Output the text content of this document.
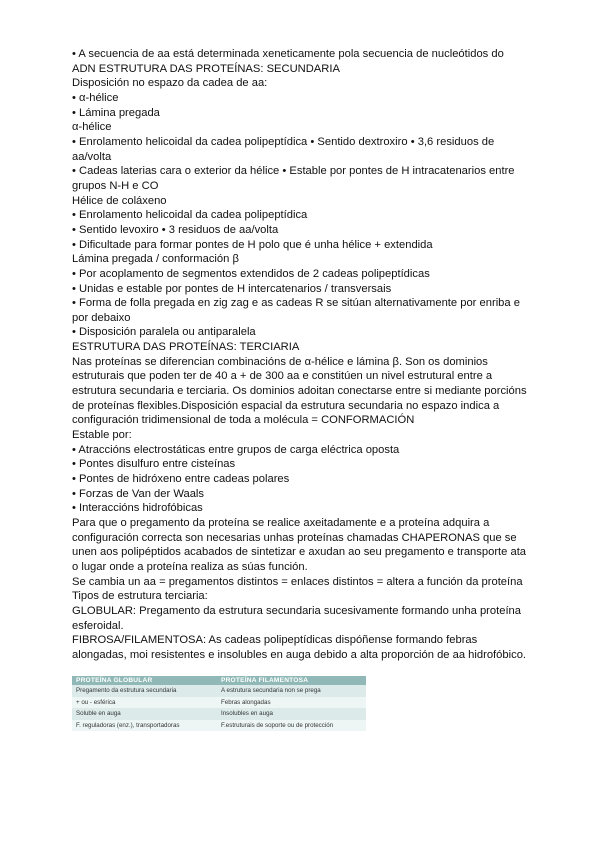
• A secuencia de aa está determinada xeneticamente pola secuencia de nucleótidos do
ADN ESTRUTURA DAS PROTEÍNAS: SECUNDARIA
Disposición no espazo da cadea de aa:
• α-hélice
• Lámina pregada
α-hélice
• Enrolamento helicoidal da cadea polipeptídica • Sentido dextroxiro • 3,6 residuos de
aa/volta
• Cadeas laterias cara o exterior da hélice • Estable por pontes de H intracatenarios entre
grupos N-H e CO
Hélice de coláxeno
• Enrolamento helicoidal da cadea polipeptídica
• Sentido levoxiro • 3 residuos de aa/volta
• Dificultade para formar pontes de H polo que é unha hélice + extendida
Lámina pregada / conformación β
• Por acoplamento de segmentos extendidos de 2 cadeas polipeptídicas
• Unidas e estable por pontes de H intercatenarios / transversais
• Forma de folla pregada en zig zag e as cadeas R se sitúan alternativamente por enriba e
por debaixo
• Disposición paralela ou antiparalela
ESTRUTURA DAS PROTEÍNAS: TERCIARIA
Nas proteínas se diferencian combinacións de α-hélice e lámina β. Son os dominios
estruturais que poden ter de 40 a + de 300 aa e constitúen un nivel estrutural entre a
estrutura secundaria e terciaria. Os dominios adoitan conectarse entre si mediante porcións
de proteínas flexibles.Disposición espacial da estrutura secundaria no espazo indica a
configuración tridimensional de toda a molécula = CONFORMACIÓN
Estable por:
• Atraccións electrostáticas entre grupos de carga eléctrica oposta
• Pontes disulfuro entre cisteínas
• Pontes de hidróxeno entre cadeas polares
• Forzas de Van der Waals
• Interaccións hidrofóbicas
Para que o pregamento da proteína se realice axeitadamente e a proteína adquira a
configuración correcta son necesarias unhas proteínas chamadas CHAPERONAS que se
unen aos polipéptidos acabados de sintetizar e axudan ao seu pregamento e transporte ata
o lugar onde a proteína realiza as súas función.
Se cambia un aa = pregamentos distintos = enlaces distintos = altera a función da proteína
Tipos de estrutura terciaria:
GLOBULAR: Pregamento da estrutura secundaria sucesivamente formando unha proteína
esferoidal.
FIBROSA/FILAMENTOSA: As cadeas polipeptídicas dispóñense formando febras
alongadas, moi resistentes e insolubles en auga debido a alta proporción de aa hidrofóbico.
PROTEÍNA GLOBULAR	PROTEÍNA FILAMENTOSA
Pregamento da estrutura secundaria	A estrutura secundaria non se prega
+ ou - esférica	Febras alongadas
Soluble en auga	Insolubles en auga
F. reguladoras (enz.), transportadoras	F.estruturais de soporte ou de protección
